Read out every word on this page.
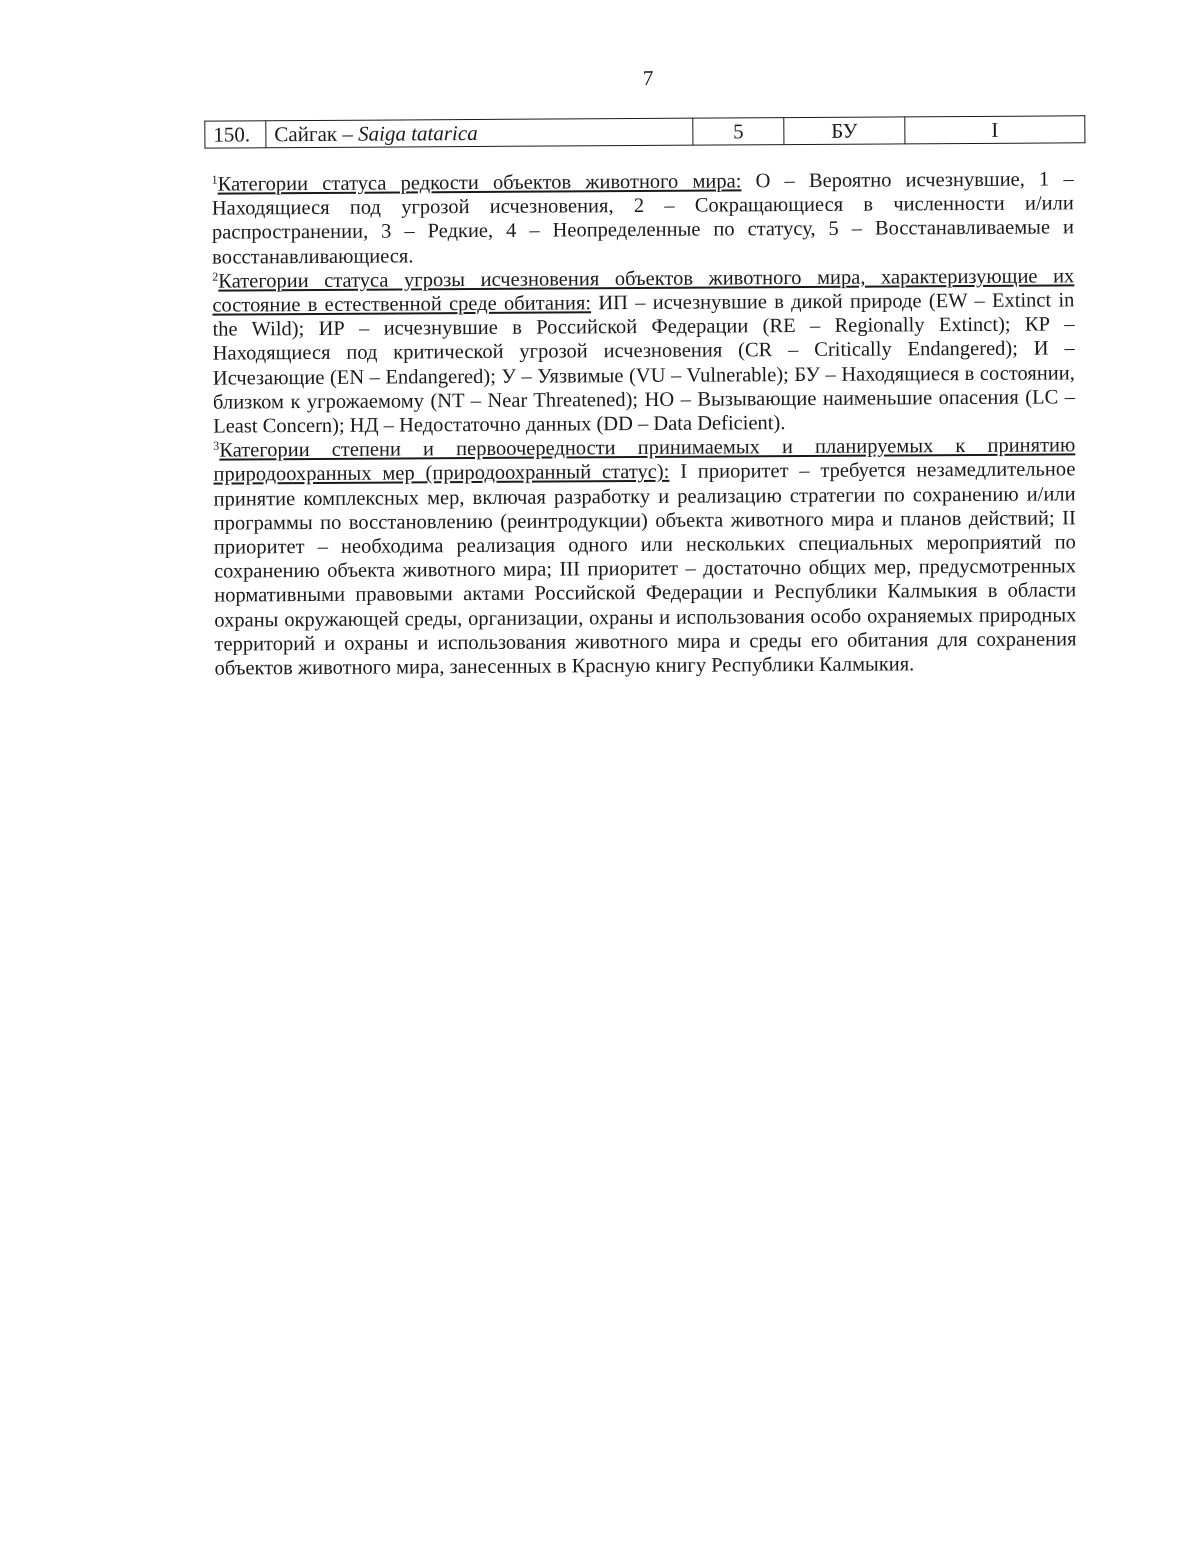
7
150.	Сайгак – Saiga tatarica	5	БУ	I

$^1$Категории статуса редкости объектов животного мира: О – Вероятно исчезнувшие, 1 – Находящиеся под угрозой исчезновения, 2 – Сокращающиеся в численности и/или распространении, 3 – Редкие, 4 – Неопределенные по статусу, 5 – Восстанавливаемые и восстанавливающиеся.

$^2$Категории статуса угрозы исчезновения объектов животного мира, характеризующие их состояние в естественной среде обитания: ИП – исчезнувшие в дикой природе (EW – Extinct in the Wild); ИР – исчезнувшие в Российской Федерации (RE – Regionally Extinct); КР – Находящиеся под критической угрозой исчезновения (CR – Critically Endangered); И – Исчезающие (EN – Endangered); У – Уязвимые (VU – Vulnerable); БУ – Находящиеся в состоянии, близком к угрожаемому (NT – Near Threatened); НО – Вызывающие наименьшие опасения (LC – Least Concern); НД – Недостаточно данных (DD – Data Deficient).

$^3$Категории степени и первоочередности принимаемых и планируемых к принятию природоохранных мер (природоохранный статус): I приоритет – требуется незамедлительное принятие комплексных мер, включая разработку и реализацию стратегии по сохранению и/или программы по восстановлению (реинтродукции) объекта животного мира и планов действий; II приоритет – необходима реализация одного или нескольких специальных мероприятий по сохранению объекта животного мира; III приоритет – достаточно общих мер, предусмотренных нормативными правовыми актами Российской Федерации и Республики Калмыкия в области охраны окружающей среды, организации, охраны и использования особо охраняемых природных территорий и охраны и использования животного мира и среды его обитания для сохранения объектов животного мира, занесенных в Красную книгу Республики Калмыкия.
